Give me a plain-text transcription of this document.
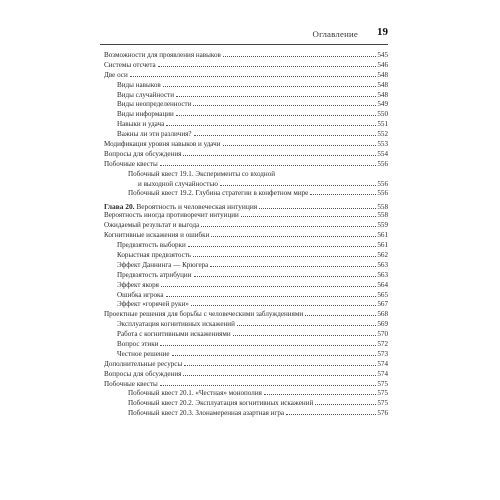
Оглавление 19
Возможности для проявления навыков	545
Системы отсчета	546
Две оси	548
Виды навыков	548
Виды случайности	548
Виды неопределенности	549
Виды информации	550
Навыки и удача	551
Важны ли эти различия?	552
Модификация уровня навыков и удачи	553
Вопросы для обсуждения	554
Побочные квесты	556
Побочный квест 19.1. Эксперименты со входной
и выходной случайностью	556
Побочный квест 19.2. Глубина стратегии в конфетном мире	556
Глава 20. Вероятность и человеческая интуиция	558
Вероятность иногда противоречит интуиции	558
Ожидаемый результат и выгода	559
Когнитивные искажения и ошибки	561
Предвзятость выборки	561
Корыстная предвзятость	562
Эффект Даннинга — Крюгера	563
Предвзятость атрибуции	563
Эффект якоря	564
Ошибка игрока	565
Эффект «горячей руки»	567
Проектные решения для борьбы с человеческими заблуждениями	568
Эксплуатация когнитивных искажений	569
Работа с когнитивными искажениями	570
Вопрос этики	572
Честное решение	573
Дополнительные ресурсы	574
Вопросы для обсуждения	574
Побочные квесты	575
Побочный квест 20.1. «Честная» монополия	575
Побочный квест 20.2. Эксплуатация когнитивных искажений	575
Побочный квест 20.3. Злонамеренная азартная игра	576
